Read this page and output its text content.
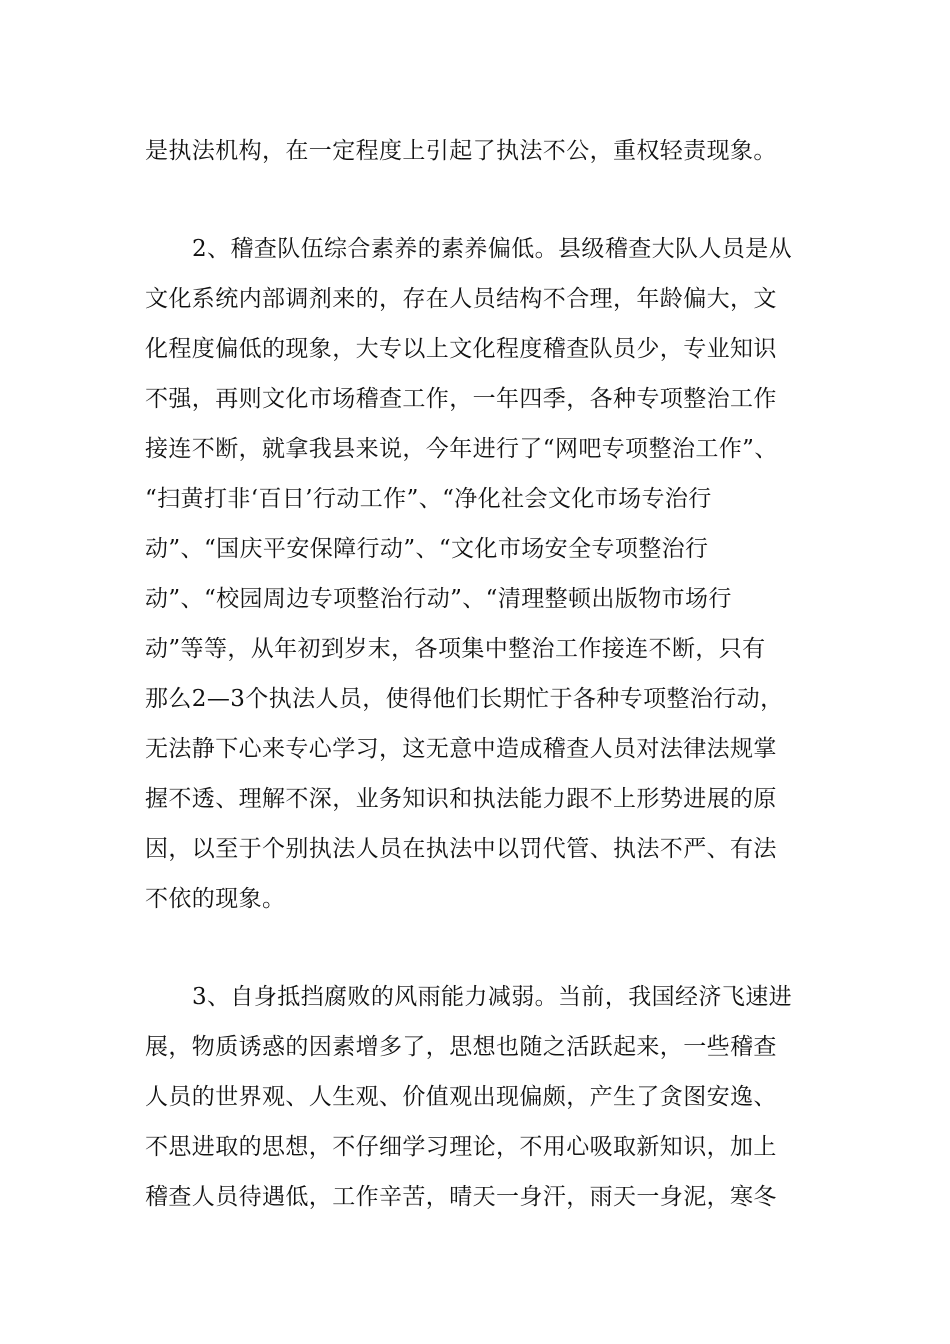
是执法机构，在一定程度上引起了执法不公，重权轻责现象。
2、稽查队伍综合素养的素养偏低。县级稽查大队人员是从
文化系统内部调剂来的，存在人员结构不合理，年龄偏大，文
化程度偏低的现象，大专以上文化程度稽查队员少，专业知识
不强，再则文化市场稽查工作，一年四季，各种专项整治工作
接连不断，就拿我县来说，今年进行了“网吧专项整治工作”、
“扫黄打非‘百日’行动工作”、“净化社会文化市场专治行
动”、“国庆平安保障行动”、“文化市场安全专项整治行
动”、“校园周边专项整治行动”、“清理整顿出版物市场行
动”等等，从年初到岁末，各项集中整治工作接连不断，只有
那么2—3个执法人员，使得他们长期忙于各种专项整治行动，
无法静下心来专心学习，这无意中造成稽查人员对法律法规掌
握不透、理解不深，业务知识和执法能力跟不上形势进展的原
因，以至于个别执法人员在执法中以罚代管、执法不严、有法
不依的现象。
3、自身抵挡腐败的风雨能力减弱。当前，我国经济飞速进
展，物质诱惑的因素增多了，思想也随之活跃起来，一些稽查
人员的世界观、人生观、价值观出现偏颇，产生了贪图安逸、
不思进取的思想，不仔细学习理论，不用心吸取新知识，加上
稽查人员待遇低，工作辛苦，晴天一身汗，雨天一身泥，寒冬
